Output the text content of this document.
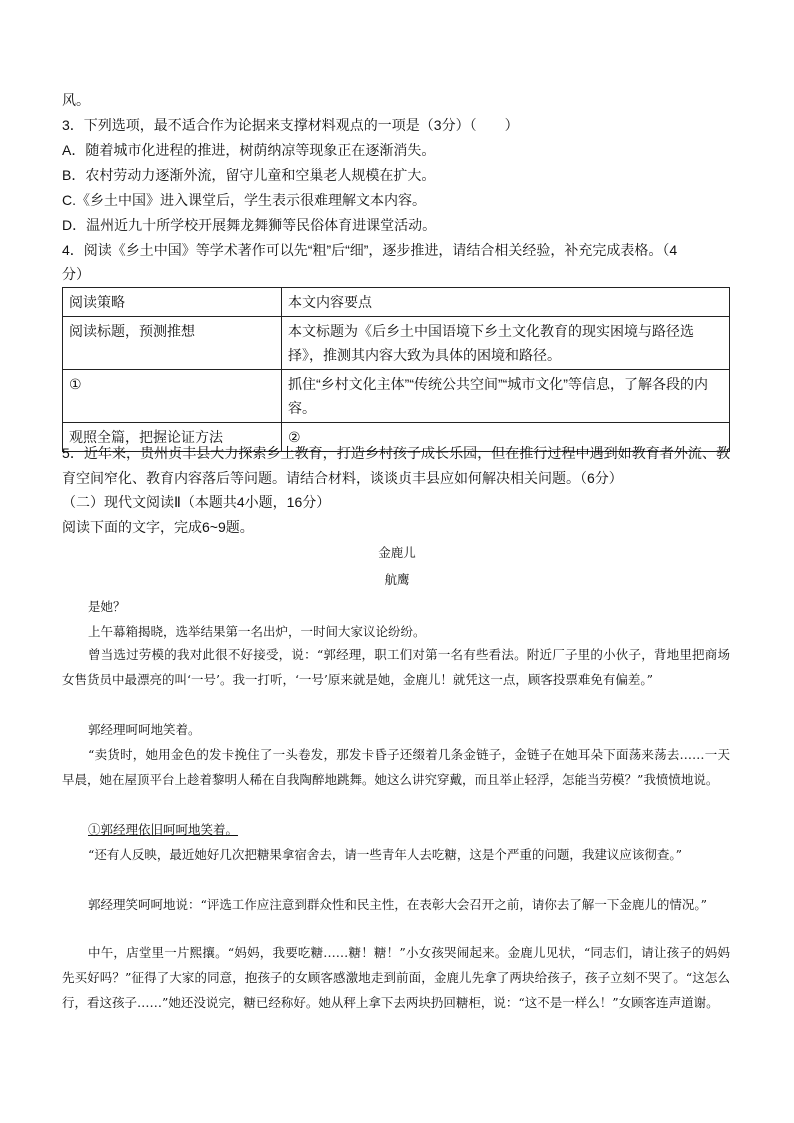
风。
3．下列选项，最不适合作为论据来支撑材料观点的一项是（3分）（　　）
A．随着城市化进程的推进，树荫纳凉等现象正在逐渐消失。
B．农村劳动力逐渐外流，留守儿童和空巢老人规模在扩大。
C.《乡土中国》进入课堂后，学生表示很难理解文本内容。
D．温州近九十所学校开展舞龙舞狮等民俗体育进课堂活动。
4．阅读《乡土中国》等学术著作可以先“粗”后“细”，逐步推进，请结合相关经验，补充完成表格。（4
分）
阅读策略	本文内容要点
阅读标题，预测推想	本文标题为《后乡土中国语境下乡土文化教育的现实困境与路径选择》，推测其内容大致为具体的困境和路径。
①	抓住“乡村文化主体”“传统公共空间”“城市文化”等信息，了解各段的内容。
观照全篇，把握论证方法	②
5．近年来，贵州贞丰县大力探索乡土教育，打造乡村孩子成长乐园，但在推行过程中遇到如教育者外流、教育空间窄化、教育内容落后等问题。请结合材料，谈谈贞丰县应如何解决相关问题。（6分）
（二）现代文阅读Ⅱ（本题共4小题，16分）
阅读下面的文字，完成6~9题。
金鹿儿
航鹰
是她？
上午幕箱揭晓，选举结果第一名出炉，一时间大家议论纷纷。
曾当选过劳模的我对此很不好接受，说：“郭经理，职工们对第一名有些看法。附近厂子里的小伙子，背地里把商场女售货员中最漂亮的叫‘一号’。我一打听，‘一号’原来就是她，金鹿儿！就凭这一点，顾客投票难免有偏差。”
郭经理呵呵地笑着。
“卖货时，她用金色的发卡挽住了一头卷发，那发卡昏子还缀着几条金链子，金链子在她耳朵下面荡来荡去……一天早晨，她在屋顶平台上趁着黎明人稀在自我陶醉地跳舞。她这么讲究穿戴，而且举止轻浮，怎能当劳模？”我愤愤地说。
①郭经理依旧呵呵地笑着。
“还有人反映，最近她好几次把糖果拿宿舍去，请一些青年人去吃糖，这是个严重的问题，我建议应该彻查。”
郭经理笑呵呵地说：“评选工作应注意到群众性和民主性，在表彰大会召开之前，请你去了解一下金鹿儿的情况。”
中午，店堂里一片熙攘。“妈妈，我要吃糖……糖！糖！”小女孩哭闹起来。金鹿儿见状，“同志们，请让孩子的妈妈先买好吗？”征得了大家的同意，抱孩子的女顾客感激地走到前面，金鹿儿先拿了两块给孩子，孩子立刻不哭了。“这怎么行，看这孩子……”她还没说完，糖已经称好。她从秤上拿下去两块扔回糖柜，说：“这不是一样么！”女顾客连声道谢。
